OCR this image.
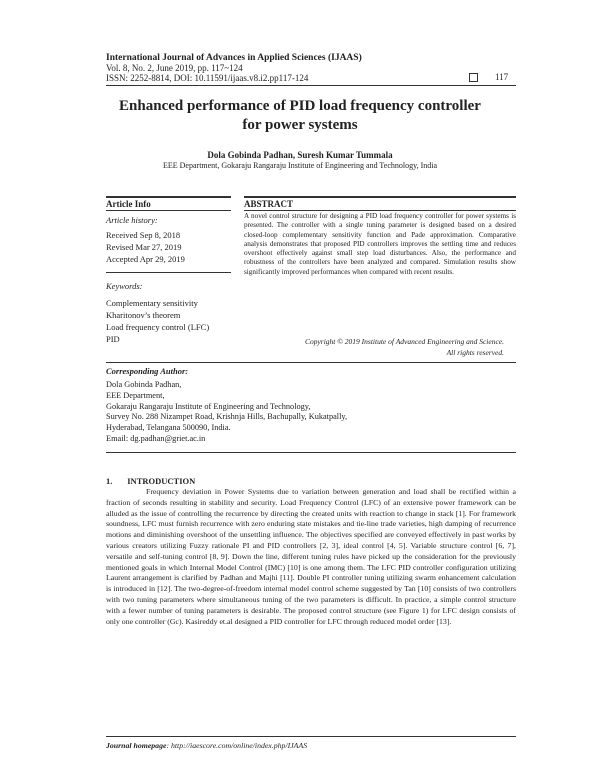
International Journal of Advances in Applied Sciences (IJAAS)
Vol. 8, No. 2, June 2019, pp. 117~124
ISSN: 2252-8814, DOI: 10.11591/ijaas.v8.i2.pp117-124	117
Enhanced performance of PID load frequency controller
for power systems
Dola Gobinda Padhan, Suresh Kumar Tummala
EEE Department, Gokaraju Rangaraju Institute of Engineering and Technology, India
Article Info	ABSTRACT
Article history:
Received Sep 8, 2018
Revised Mar 27, 2019
Accepted Apr 29, 2019
Keywords:
Complementary sensitivity
Kharitonov’s theorem
Load frequency control (LFC)
PID
A novel control structure for designing a PID load frequency controller for power systems is presented. The controller with a single tuning parameter is designed based on a desired closed-loop complementary sensitivity function and Pade approximation. Comparative analysis demonstrates that proposed PID controllers improves the settling time and reduces overshoot effectively against small step load disturbances. Also, the performance and robustness of the controllers have been analyzed and compared. Simulation results show significantly improved performances when compared with recent results.
Copyright © 2019 Institute of Advanced Engineering and Science.
All rights reserved.
Corresponding Author:
Dola Gobinda Padhan,
EEE Department,
Gokaraju Rangaraju Institute of Engineering and Technology,
Survey No. 288 Nizampet Road, Krishnja Hills, Bachupally, Kukatpally,
Hyderabad, Telangana 500090, India.
Email: dg.padhan@griet.ac.in
1.       INTRODUCTION
Frequency deviation in Power Systems due to variation between generation and load shall be rectified within a fraction of seconds resulting in stability and security. Load Frequency Control (LFC) of an extensive power framework can be alluded as the issue of controlling the recurrence by directing the created units with reaction to change in stack [1]. For framework soundness, LFC must furnish recurrence with zero enduring state mistakes and tie-line trade varieties, high damping of recurrence motions and diminishing overshoot of the unsettling influence. The objectives specified are conveyed effectively in past works by various creators utilizing Fuzzy rationale PI and PID controllers [2, 3], ideal control [4, 5]. Variable structure control [6, 7], versatile and self-tuning control [8, 9]. Down the line, different tuning rules have picked up the consideration for the previously mentioned goals in which Internal Model Control (IMC) [10] is one among them. The LFC PID controller configuration utilizing Laurent arrangement is clarified by Padhan and Majhi [11]. Double PI controller tuning utilizing swarm enhancement calculation is introduced in [12]. The two-degree-of-freedom internal model control scheme suggested by Tan [10] consists of two controllers with two tuning parameters where simultaneous tuning of the two parameters is difficult. In practice, a simple control structure with a fewer number of tuning parameters is desirable. The proposed control structure (see Figure 1) for LFC design consists of only one controller (Gc). Kasireddy et.al designed a PID controller for LFC through reduced model order [13].
Journal homepage: http://iaescore.com/online/index.php/IJAAS
